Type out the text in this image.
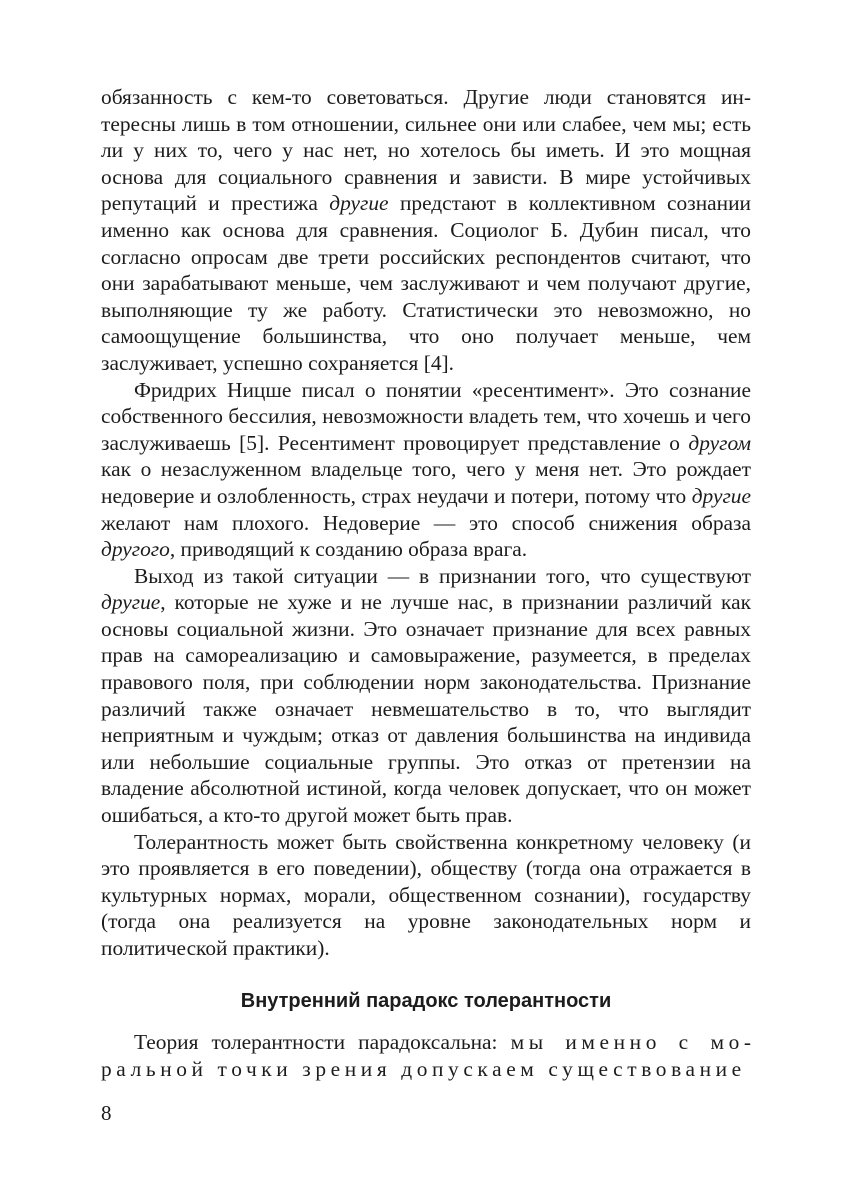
обязанность с кем-то советоваться. Другие люди становятся интересны лишь в том отношении, сильнее они или слабее, чем мы; есть ли у них то, чего у нас нет, но хотелось бы иметь. И это мощная основа для социального сравнения и зависти. В мире устойчивых репутаций и престижа другие предстают в коллективном сознании именно как основа для сравнения. Социолог Б. Дубин писал, что согласно опросам две трети российских респондентов считают, что они зарабатывают меньше, чем заслуживают и чем получают другие, выполняющие ту же работу. Статистически это невозможно, но самоощущение большинства, что оно получает меньше, чем заслуживает, успешно сохраняется [4].

Фридрих Ницше писал о понятии «ресентимент». Это сознание собственного бессилия, невозможности владеть тем, что хочешь и чего заслуживаешь [5]. Ресентимент провоцирует представление о другом как о незаслуженном владельце того, чего у меня нет. Это рождает недоверие и озлобленность, страх неудачи и потери, потому что другие желают нам плохого. Недоверие — это способ снижения образа другого, приводящий к созданию образа врага.

Выход из такой ситуации — в признании того, что существуют другие, которые не хуже и не лучше нас, в признании различий как основы социальной жизни. Это означает признание для всех равных прав на самореализацию и самовыражение, разумеется, в пределах правового поля, при соблюдении норм законодательства. Признание различий также означает невмешательство в то, что выглядит неприятным и чуждым; отказ от давления большинства на индивида или небольшие социальные группы. Это отказ от претензии на владение абсолютной истиной, когда человек допускает, что он может ошибаться, а кто-то другой может быть прав.

Толерантность может быть свойственна конкретному человеку (и это проявляется в его поведении), обществу (тогда она отражается в культурных нормах, морали, общественном сознании), государству (тогда она реализуется на уровне законодательных норм и политической практики).

Внутренний парадокс толерантности

Теория толерантности парадоксальна: мы именно с моральной точки зрения допускаем существование

8
